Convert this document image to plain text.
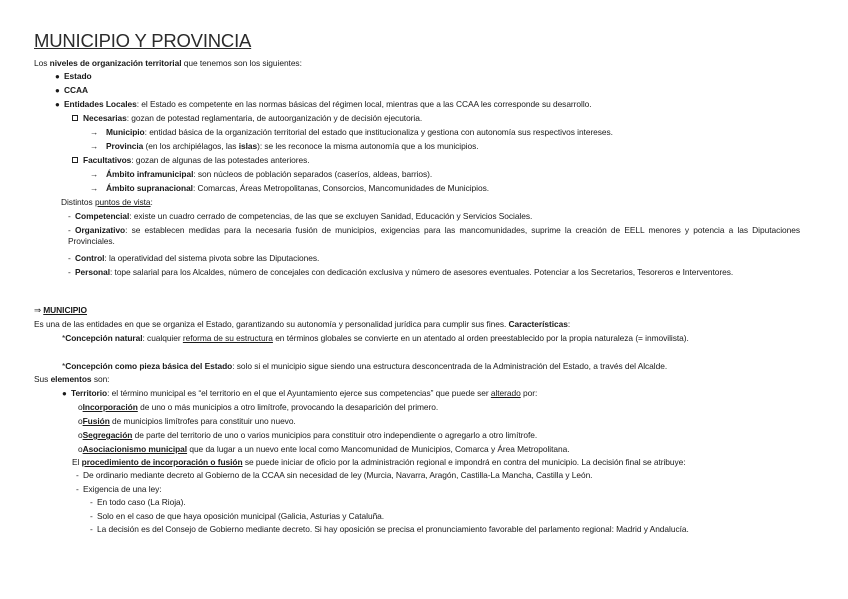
MUNICIPIO Y PROVINCIA
Los niveles de organización territorial que tenemos son los siguientes:
● Estado
● CCAA
● Entidades Locales: el Estado es competente en las normas básicas del régimen local, mientras que a las CCAA les corresponde su desarrollo.
Necesarias: gozan de potestad reglamentaria, de autoorganización y de decisión ejecutoria.
→ Municipio: entidad básica de la organización territorial del estado que institucionaliza y gestiona con autonomía sus respectivos intereses.
→ Provincia (en los archipiélagos, las islas): se les reconoce la misma autonomía que a los municipios.
Facultativos: gozan de algunas de las potestades anteriores.
→ Ámbito inframunicipal: son núcleos de población separados (caseríos, aldeas, barrios).
→ Ámbito supranacional: Comarcas, Áreas Metropolitanas, Consorcios, Mancomunidades de Municipios.
Distintos puntos de vista:
- Competencial: existe un cuadro cerrado de competencias, de las que se excluyen Sanidad, Educación y Servicios Sociales.
- Organizativo: se establecen medidas para la necesaria fusión de municipios, exigencias para las mancomunidades, suprime la creación de EELL menores y potencia a las Diputaciones Provinciales.
- Control: la operatividad del sistema pivota sobre las Diputaciones.
- Personal: tope salarial para los Alcaldes, número de concejales con dedicación exclusiva y número de asesores eventuales. Potenciar a los Secretarios, Tesoreros e Interventores.
⇒ MUNICIPIO
Es una de las entidades en que se organiza el Estado, garantizando su autonomía y personalidad jurídica para cumplir sus fines. Características:
*Concepción natural: cualquier reforma de su estructura en términos globales se convierte en un atentado al orden preestablecido por la propia naturaleza (= inmovilista).
*Concepción como pieza básica del Estado: solo si el municipio sigue siendo una estructura desconcentrada de la Administración del Estado, a través del Alcalde.
Sus elementos son:
● Territorio: el término municipal es “el territorio en el que el Ayuntamiento ejerce sus competencias” que puede ser alterado por:
oIncorporación de uno o más municipios a otro limítrofe, provocando la desaparición del primero.
oFusión de municipios limítrofes para constituir uno nuevo.
oSegregación de parte del territorio de uno o varios municipios para constituir otro independiente o agregarlo a otro limítrofe.
oAsociacionismo municipal que da lugar a un nuevo ente local como Mancomunidad de Municipios, Comarca y Área Metropolitana.
El procedimiento de incorporación o fusión se puede iniciar de oficio por la administración regional e impondrá en contra del municipio. La decisión final se atribuye:
- De ordinario mediante decreto al Gobierno de la CCAA sin necesidad de ley (Murcia, Navarra, Aragón, Castilla-La Mancha, Castilla y León.
- Exigencia de una ley:
- En todo caso (La Rioja).
- Solo en el caso de que haya oposición municipal (Galicia, Asturias y Cataluña.
- La decisión es del Consejo de Gobierno mediante decreto. Si hay oposición se precisa el pronunciamiento favorable del parlamento regional: Madrid y Andalucía.
